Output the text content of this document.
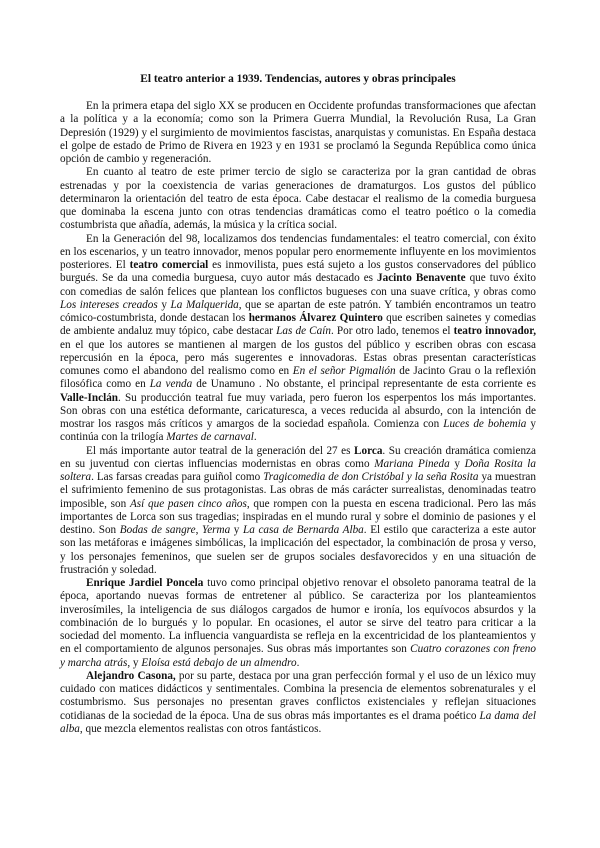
El teatro anterior a 1939. Tendencias, autores y obras principales

En la primera etapa del siglo XX se producen en Occidente profundas transformaciones que afectan a la política y a la economía; como son la Primera Guerra Mundial, la Revolución Rusa, La Gran Depresión (1929) y el surgimiento de movimientos fascistas, anarquistas y comunistas. En España destaca el golpe de estado de Primo de Rivera en 1923 y en 1931 se proclamó la Segunda República como única opción de cambio y regeneración.

En cuanto al teatro de este primer tercio de siglo se caracteriza por la gran cantidad de obras estrenadas y por la coexistencia de varias generaciones de dramaturgos. Los gustos del público determinaron la orientación del teatro de esta época. Cabe destacar el realismo de la comedia burguesa que dominaba la escena junto con otras tendencias dramáticas como el teatro poético o la comedia costumbrista que añadía, además, la música y la crítica social.

En la Generación del 98, localizamos dos tendencias fundamentales: el teatro comercial, con éxito en los escenarios, y un teatro innovador, menos popular pero enormemente influyente en los movimientos posteriores. El teatro comercial es inmovilista, pues está sujeto a los gustos conservadores del público burgués. Se da una comedia burguesa, cuyo autor más destacado es Jacinto Benavente que tuvo éxito con comedias de salón felices que plantean los conflictos bugueses con una suave crítica, y obras como Los intereses creados y La Malquerida, que se apartan de este patrón. Y también encontramos un teatro cómico-costumbrista, donde destacan los hermanos Álvarez Quintero que escriben sainetes y comedias de ambiente andaluz muy tópico, cabe destacar Las de Caín. Por otro lado, tenemos el teatro innovador, en el que los autores se mantienen al margen de los gustos del público y escriben obras con escasa repercusión en la época, pero más sugerentes e innovadoras. Estas obras presentan características comunes como el abandono del realismo como en En el señor Pigmalión de Jacinto Grau o la reflexión filosófica como en La venda de Unamuno . No obstante, el principal representante de esta corriente es Valle-Inclán. Su producción teatral fue muy variada, pero fueron los esperpentos los más importantes. Son obras con una estética deformante, caricaturesca, a veces reducida al absurdo, con la intención de mostrar los rasgos más críticos y amargos de la sociedad española. Comienza con Luces de bohemia y continúa con la trilogía Martes de carnaval.

El más importante autor teatral de la generación del 27 es Lorca. Su creación dramática comienza en su juventud con ciertas influencias modernistas en obras como Mariana Pineda y Doña Rosita la soltera. Las farsas creadas para guiñol como Tragicomedia de don Cristóbal y la seña Rosita ya muestran el sufrimiento femenino de sus protagonistas. Las obras de más carácter surrealistas, denominadas teatro imposible, son Así que pasen cinco años, que rompen con la puesta en escena tradicional. Pero las más importantes de Lorca son sus tragedias; inspiradas en el mundo rural y sobre el dominio de pasiones y el destino. Son Bodas de sangre, Yerma y La casa de Bernarda Alba. El estilo que caracteriza a este autor son las metáforas e imágenes simbólicas, la implicación del espectador, la combinación de prosa y verso, y los personajes femeninos, que suelen ser de grupos sociales desfavorecidos y en una situación de frustración y soledad.

Enrique Jardiel Poncela tuvo como principal objetivo renovar el obsoleto panorama teatral de la época, aportando nuevas formas de entretener al público. Se caracteriza por los planteamientos inverosímiles, la inteligencia de sus diálogos cargados de humor e ironía, los equívocos absurdos y la combinación de lo burgués y lo popular. En ocasiones, el autor se sirve del teatro para criticar a la sociedad del momento. La influencia vanguardista se refleja en la excentricidad de los planteamientos y en el comportamiento de algunos personajes. Sus obras más importantes son Cuatro corazones con freno y marcha atrás, y Eloísa está debajo de un almendro.

Alejandro Casona, por su parte, destaca por una gran perfección formal y el uso de un léxico muy cuidado con matices didácticos y sentimentales. Combina la presencia de elementos sobrenaturales y el costumbrismo. Sus personajes no presentan graves conflictos existenciales y reflejan situaciones cotidianas de la sociedad de la época. Una de sus obras más importantes es el drama poético La dama del alba, que mezcla elementos realistas con otros fantásticos.
